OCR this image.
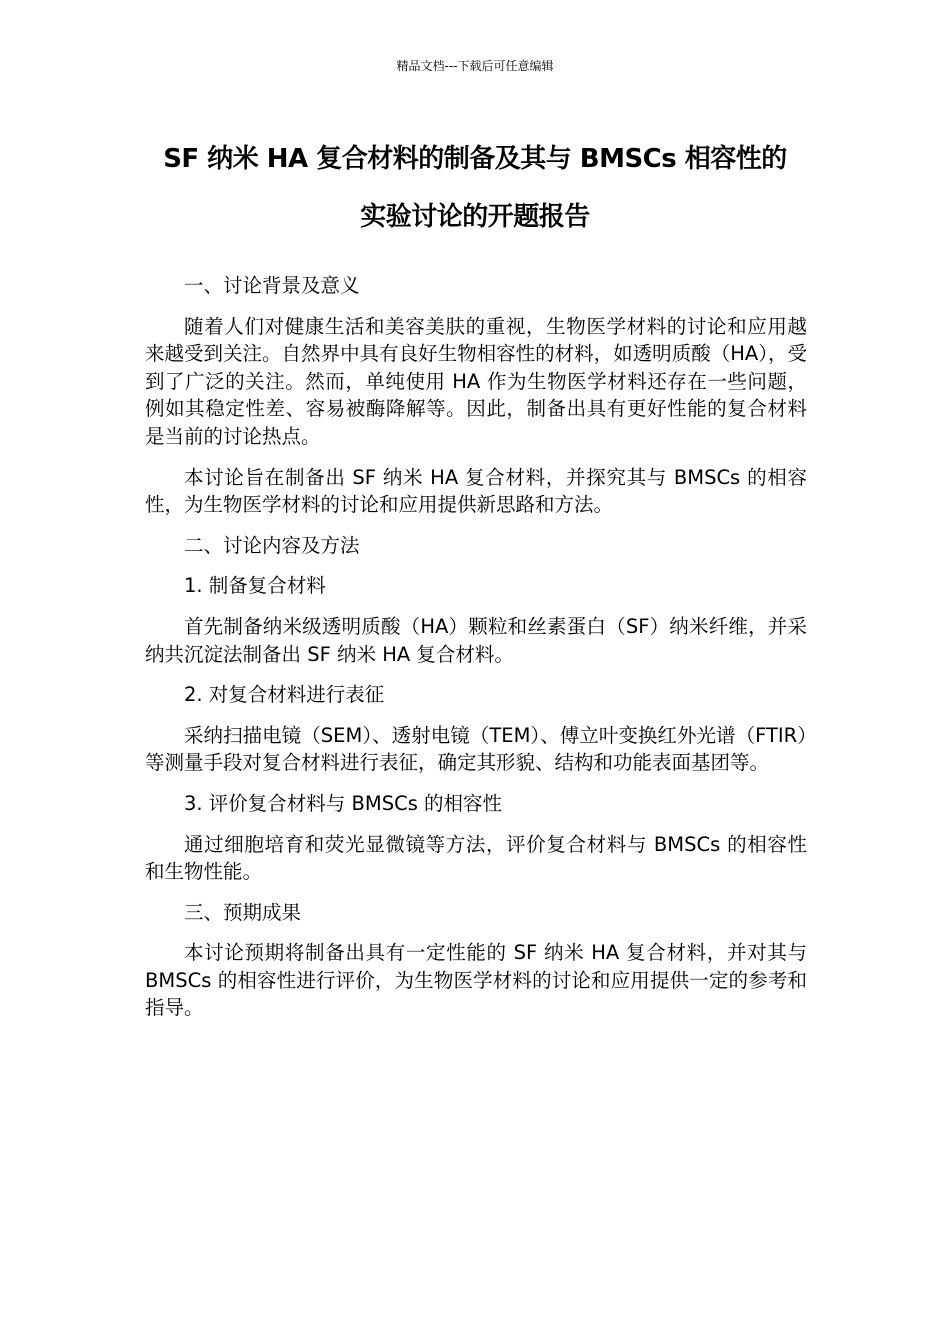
精品文档---下载后可任意编辑
SF 纳米 HA 复合材料的制备及其与 BMSCs 相容性的
实验讨论的开题报告

一、讨论背景及意义

随着人们对健康生活和美容美肤的重视，生物医学材料的讨论和应用越来越受到关注。自然界中具有良好生物相容性的材料，如透明质酸（HA），受到了广泛的关注。然而，单纯使用 HA 作为生物医学材料还存在一些问题，例如其稳定性差、容易被酶降解等。因此，制备出具有更好性能的复合材料是当前的讨论热点。

本讨论旨在制备出 SF 纳米 HA 复合材料，并探究其与 BMSCs 的相容性，为生物医学材料的讨论和应用提供新思路和方法。

二、讨论内容及方法

1. 制备复合材料

首先制备纳米级透明质酸（HA）颗粒和丝素蛋白（SF）纳米纤维，并采纳共沉淀法制备出 SF 纳米 HA 复合材料。

2. 对复合材料进行表征

采纳扫描电镜（SEM）、透射电镜（TEM）、傅立叶变换红外光谱（FTIR）等测量手段对复合材料进行表征，确定其形貌、结构和功能表面基团等。

3. 评价复合材料与 BMSCs 的相容性

通过细胞培育和荧光显微镜等方法，评价复合材料与 BMSCs 的相容性和生物性能。

三、预期成果

本讨论预期将制备出具有一定性能的 SF 纳米 HA 复合材料，并对其与 BMSCs 的相容性进行评价，为生物医学材料的讨论和应用提供一定的参考和指导。
